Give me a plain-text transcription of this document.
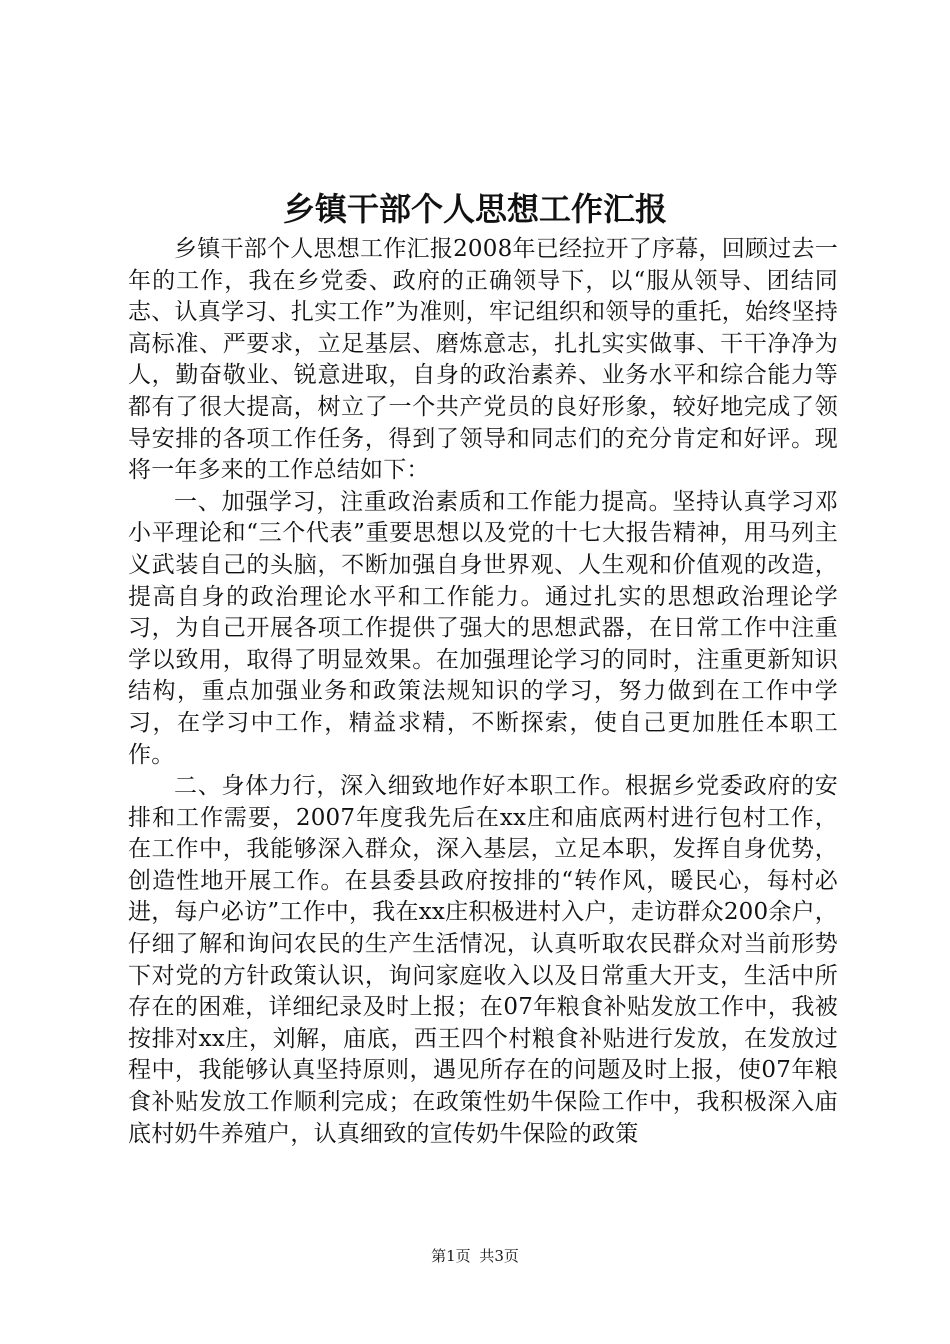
乡镇干部个人思想工作汇报

乡镇干部个人思想工作汇报2008年已经拉开了序幕，回顾过去一年的工作，我在乡党委、政府的正确领导下，以“服从领导、团结同志、认真学习、扎实工作”为准则，牢记组织和领导的重托，始终坚持高标准、严要求，立足基层、磨炼意志，扎扎实实做事、干干净净为人，勤奋敬业、锐意进取，自身的政治素养、业务水平和综合能力等都有了很大提高，树立了一个共产党员的良好形象，较好地完成了领导安排的各项工作任务，得到了领导和同志们的充分肯定和好评。现将一年多来的工作总结如下：

一、加强学习，注重政治素质和工作能力提高。坚持认真学习邓小平理论和“三个代表”重要思想以及党的十七大报告精神，用马列主义武装自己的头脑，不断加强自身世界观、人生观和价值观的改造，提高自身的政治理论水平和工作能力。通过扎实的思想政治理论学习，为自己开展各项工作提供了强大的思想武器，在日常工作中注重学以致用，取得了明显效果。在加强理论学习的同时，注重更新知识结构，重点加强业务和政策法规知识的学习，努力做到在工作中学习，在学习中工作，精益求精，不断探索，使自己更加胜任本职工作。

二、身体力行，深入细致地作好本职工作。根据乡党委政府的安排和工作需要，2007年度我先后在xx庄和庙底两村进行包村工作，在工作中，我能够深入群众，深入基层，立足本职，发挥自身优势，创造性地开展工作。在县委县政府按排的“转作风，暖民心，每村必进，每户必访”工作中，我在xx庄积极进村入户，走访群众200余户，仔细了解和询问农民的生产生活情况，认真听取农民群众对当前形势下对党的方针政策认识，询问家庭收入以及日常重大开支，生活中所存在的困难，详细纪录及时上报；在07年粮食补贴发放工作中，我被按排对xx庄，刘解，庙底，西王四个村粮食补贴进行发放，在发放过程中，我能够认真坚持原则，遇见所存在的问题及时上报，使07年粮食补贴发放工作顺利完成；在政策性奶牛保险工作中，我积极深入庙底村奶牛养殖户，认真细致的宣传奶牛保险的政策

第1页 共3页
